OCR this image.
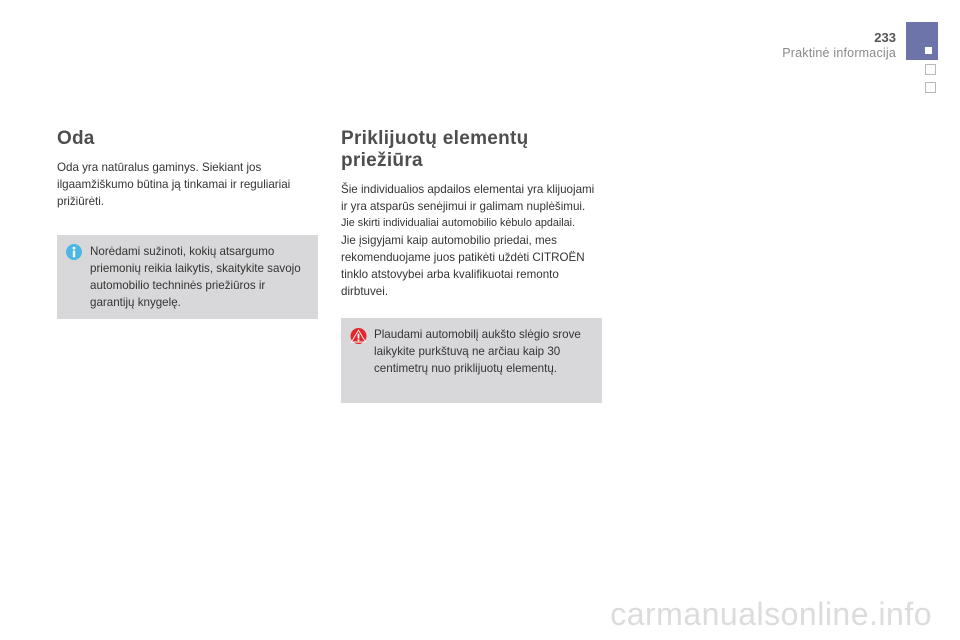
233
Praktinė informacija
Oda

Oda yra natūralus gaminys. Siekiant jos ilgaamžiškumo būtina ją tinkamai ir reguliariai prižiūrėti.

Norėdami sužinoti, kokių atsargumo priemonių reikia laikytis, skaitykite savojo automobilio techninės priežiūros ir garantijų knygelę.
Priklijuotų elementų priežiūra

Šie individualios apdailos elementai yra klijuojami ir yra atsparūs senėjimui ir galimam nuplėšimui.

Jie skirti individualiai automobilio kėbulo apdailai.

Jie įsigyjami kaip automobilio priedai, mes rekomenduojame juos patikėti uždėti CITROËN tinklo atstovybei arba kvalifikuotai remonto dirbtuvei.

Plaudami automobilį aukšto slėgio srove laikykite purkštuvą ne arčiau kaip 30 centimetrų nuo priklijuotų elementų.
carmanualsonline.info
